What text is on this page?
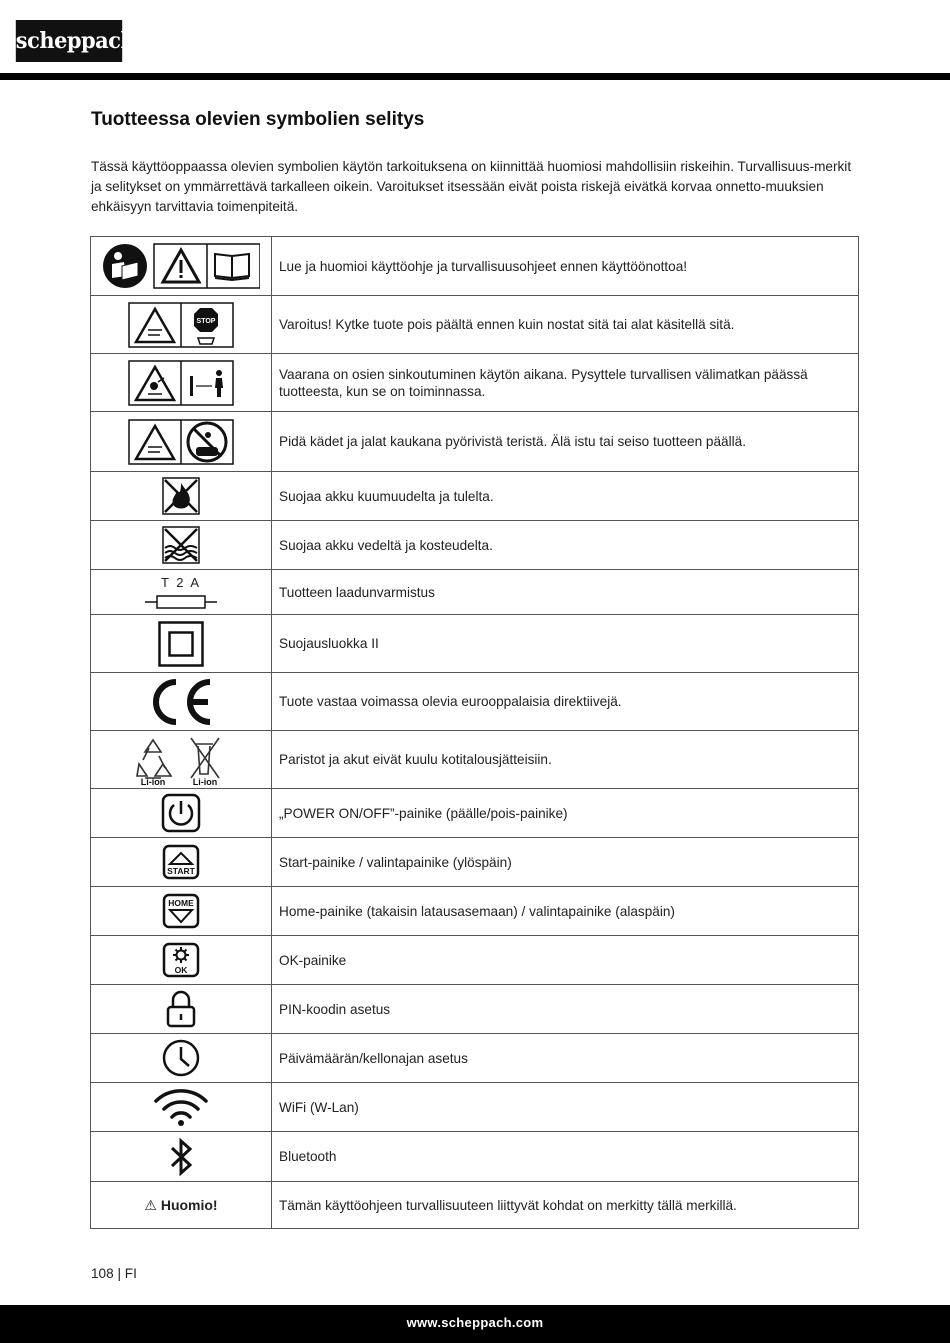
scheppach
Tuotteessa olevien symbolien selitys

Tässä käyttöoppaassa olevien symbolien käytön tarkoituksena on kiinnittää huomiosi mahdollisiin riskeihin. Turvallisuus-merkit ja selitykset on ymmärrettävä tarkalleen oikein. Varoitukset itsessään eivät poista riskejä eivätkä korvaa onnetto-muuksien ehkäisyyn tarvittavia toimenpiteitä.

	Lue ja huomioi käyttöohje ja turvallisuusohjeet ennen käyttöönottoa!

STOP	Varoitus! Kytke tuote pois päältä ennen kuin nostat sitä tai alat käsitellä sitä.

	Vaarana on osien sinkoutuminen käytön aikana. Pysyttele turvallisen välimatkan päässä tuotteesta, kun se on toiminnassa.

	Pidä kädet ja jalat kaukana pyörivistä teristä. Älä istu tai seiso tuotteen päällä.

	Suojaa akku kuumuudelta ja tulelta.

	Suojaa akku vedeltä ja kosteudelta.

T 2 A	Tuotteen laadunvarmistus

	Suojausluokka II

	Tuote vastaa voimassa olevia eurooppalaisia direktiivejä.

Li-ion Li-ion	Paristot ja akut eivät kuulu kotitalousjätteisiin.

	„POWER ON/OFF”-painike (päälle/pois-painike)

START	Start-painike / valintapainike (ylöspäin)

HOME	Home-painike (takaisin latausasemaan) / valintapainike (alaspäin)

OK	OK-painike

	PIN-koodin asetus

	Päivämäärän/kellonajan asetus

	WiFi (W-Lan)

	Bluetooth
⚠ Huomio!	Tämän käyttöohjeen turvallisuuteen liittyvät kohdat on merkitty tällä merkillä.
108 | FI
www.scheppach.com
